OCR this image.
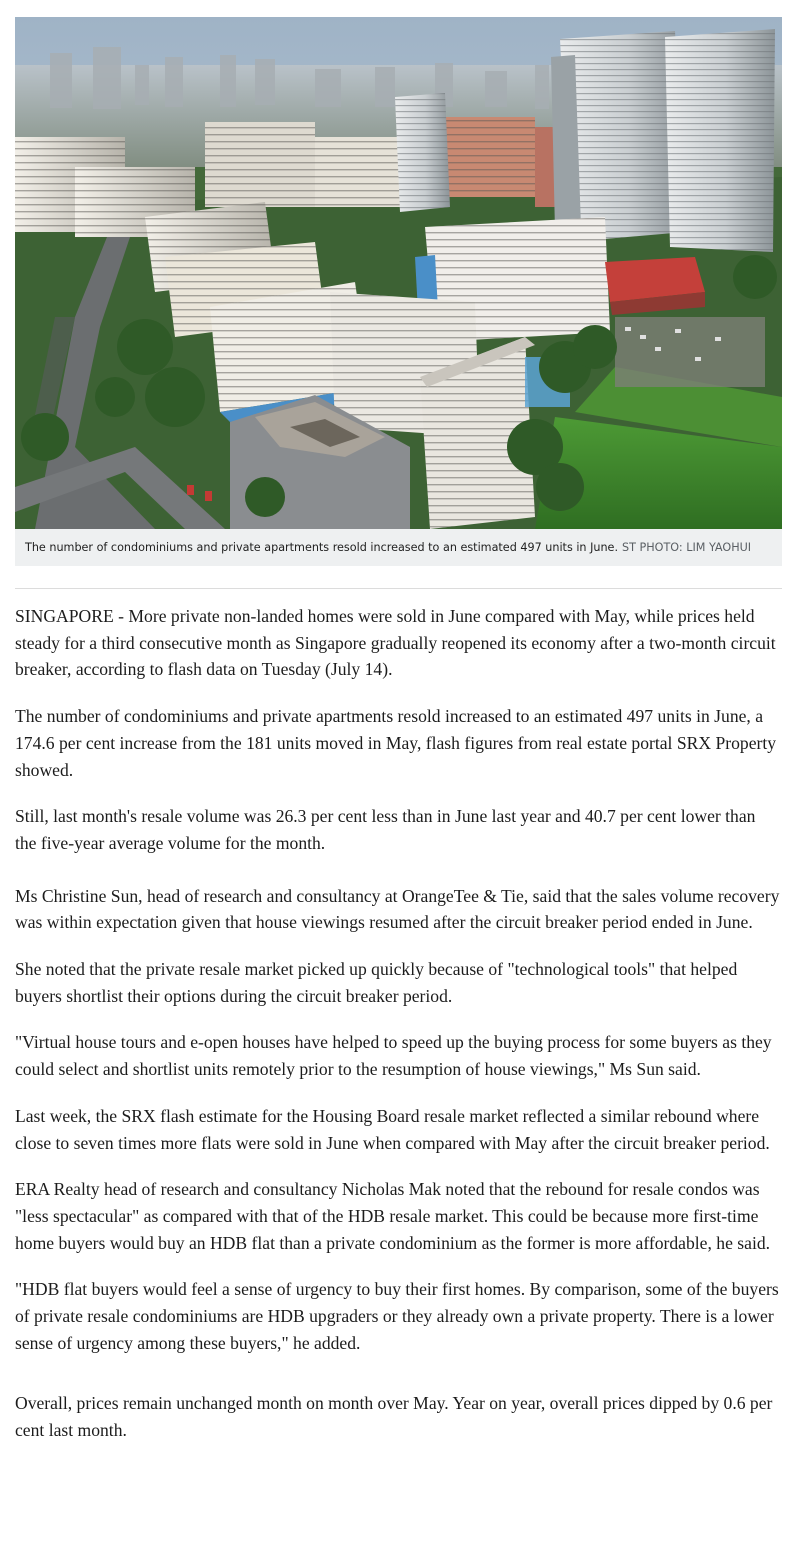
The number of condominiums and private apartments resold increased to an estimated 497 units in June. ST PHOTO: LIM YAOHUI

SINGAPORE - More private non-landed homes were sold in June compared with May, while prices held steady for a third consecutive month as Singapore gradually reopened its economy after a two-month circuit breaker, according to flash data on Tuesday (July 14).

The number of condominiums and private apartments resold increased to an estimated 497 units in June, a 174.6 per cent increase from the 181 units moved in May, flash figures from real estate portal SRX Property showed.

Still, last month's resale volume was 26.3 per cent less than in June last year and 40.7 per cent lower than the five-year average volume for the month.

Ms Christine Sun, head of research and consultancy at OrangeTee & Tie, said that the sales volume recovery was within expectation given that house viewings resumed after the circuit breaker period ended in June.

She noted that the private resale market picked up quickly because of "technological tools" that helped buyers shortlist their options during the circuit breaker period.

"Virtual house tours and e-open houses have helped to speed up the buying process for some buyers as they could select and shortlist units remotely prior to the resumption of house viewings," Ms Sun said.

Last week, the SRX flash estimate for the Housing Board resale market reflected a similar rebound where close to seven times more flats were sold in June when compared with May after the circuit breaker period.

ERA Realty head of research and consultancy Nicholas Mak noted that the rebound for resale condos was "less spectacular" as compared with that of the HDB resale market. This could be because more first-time home buyers would buy an HDB flat than a private condominium as the former is more affordable, he said.

"HDB flat buyers would feel a sense of urgency to buy their first homes. By comparison, some of the buyers of private resale condominiums are HDB upgraders or they already own a private property. There is a lower sense of urgency among these buyers," he added.

Overall, prices remain unchanged month on month over May. Year on year, overall prices dipped by 0.6 per cent last month.
